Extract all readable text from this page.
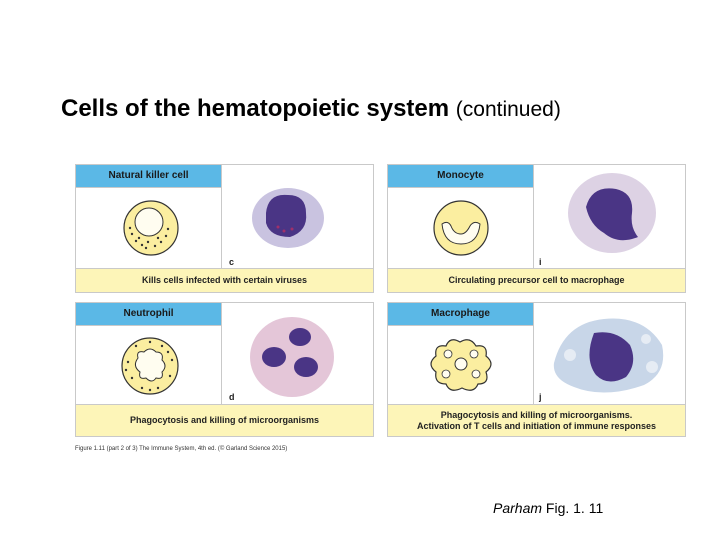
Cells of the hematopoietic system (continued)
Natural killer cell
c
Kills cells infected with certain viruses
Monocyte
i
Circulating precursor cell to macrophage
Neutrophil
d
Phagocytosis and killing of microorganisms
Macrophage
j
Phagocytosis and killing of microorganisms.
Activation of T cells and initiation of immune responses
Figure 1.11 (part 2 of 3) The Immune System, 4th ed. (© Garland Science 2015)
Parham Fig. 1. 11
